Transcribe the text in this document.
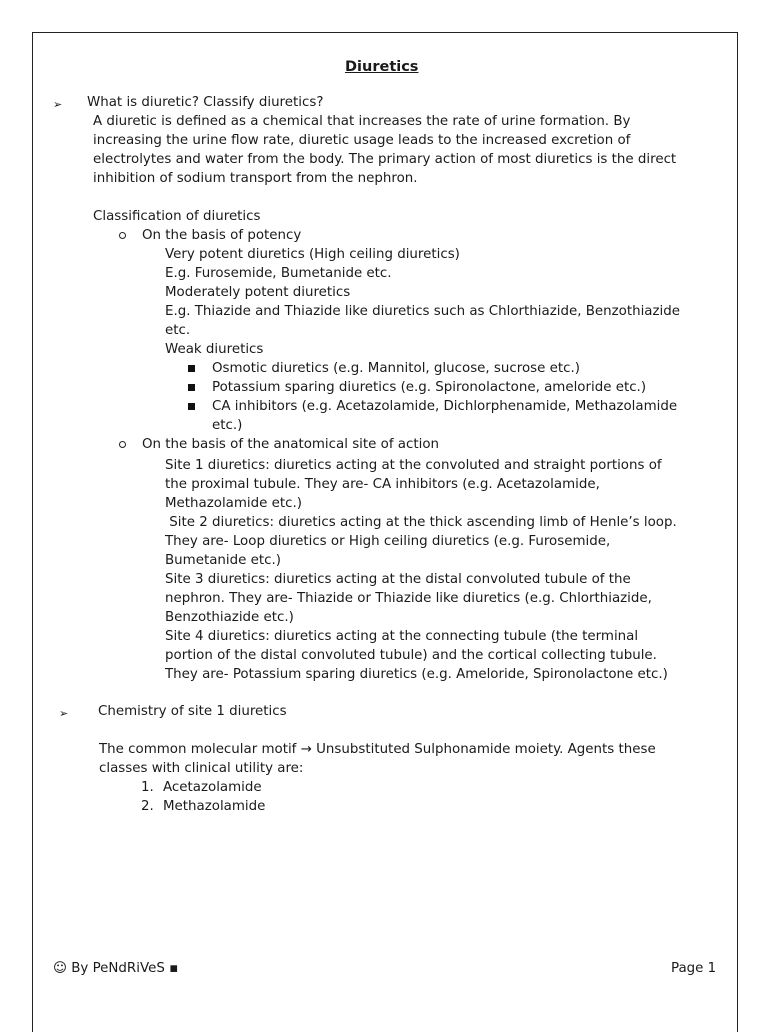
Diuretics
➢ What is diuretic? Classify diuretics?
A diuretic is defined as a chemical that increases the rate of urine formation. By
increasing the urine flow rate, diuretic usage leads to the increased excretion of
electrolytes and water from the body. The primary action of most diuretics is the direct
inhibition of sodium transport from the nephron.
Classification of diuretics
On the basis of potency
Very potent diuretics (High ceiling diuretics)
E.g. Furosemide, Bumetanide etc.
Moderately potent diuretics
E.g. Thiazide and Thiazide like diuretics such as Chlorthiazide, Benzothiazide
etc.
Weak diuretics
Osmotic diuretics (e.g. Mannitol, glucose, sucrose etc.)
Potassium sparing diuretics (e.g. Spironolactone, ameloride etc.)
CA inhibitors (e.g. Acetazolamide, Dichlorphenamide, Methazolamide
etc.)
On the basis of the anatomical site of action
Site 1 diuretics: diuretics acting at the convoluted and straight portions of
the proximal tubule. They are- CA inhibitors (e.g. Acetazolamide,
Methazolamide etc.)
Site 2 diuretics: diuretics acting at the thick ascending limb of Henle’s loop.
They are- Loop diuretics or High ceiling diuretics (e.g. Furosemide,
Bumetanide etc.)
Site 3 diuretics: diuretics acting at the distal convoluted tubule of the
nephron. They are- Thiazide or Thiazide like diuretics (e.g. Chlorthiazide,
Benzothiazide etc.)
Site 4 diuretics: diuretics acting at the connecting tubule (the terminal
portion of the distal convoluted tubule) and the cortical collecting tubule.
They are- Potassium sparing diuretics (e.g. Ameloride, Spironolactone etc.)
➢ Chemistry of site 1 diuretics
The common molecular motif → Unsubstituted Sulphonamide moiety. Agents these
classes with clinical utility are:
1. Acetazolamide
2. Methazolamide
☺ By PeNdRiVeS ▪	Page 1
